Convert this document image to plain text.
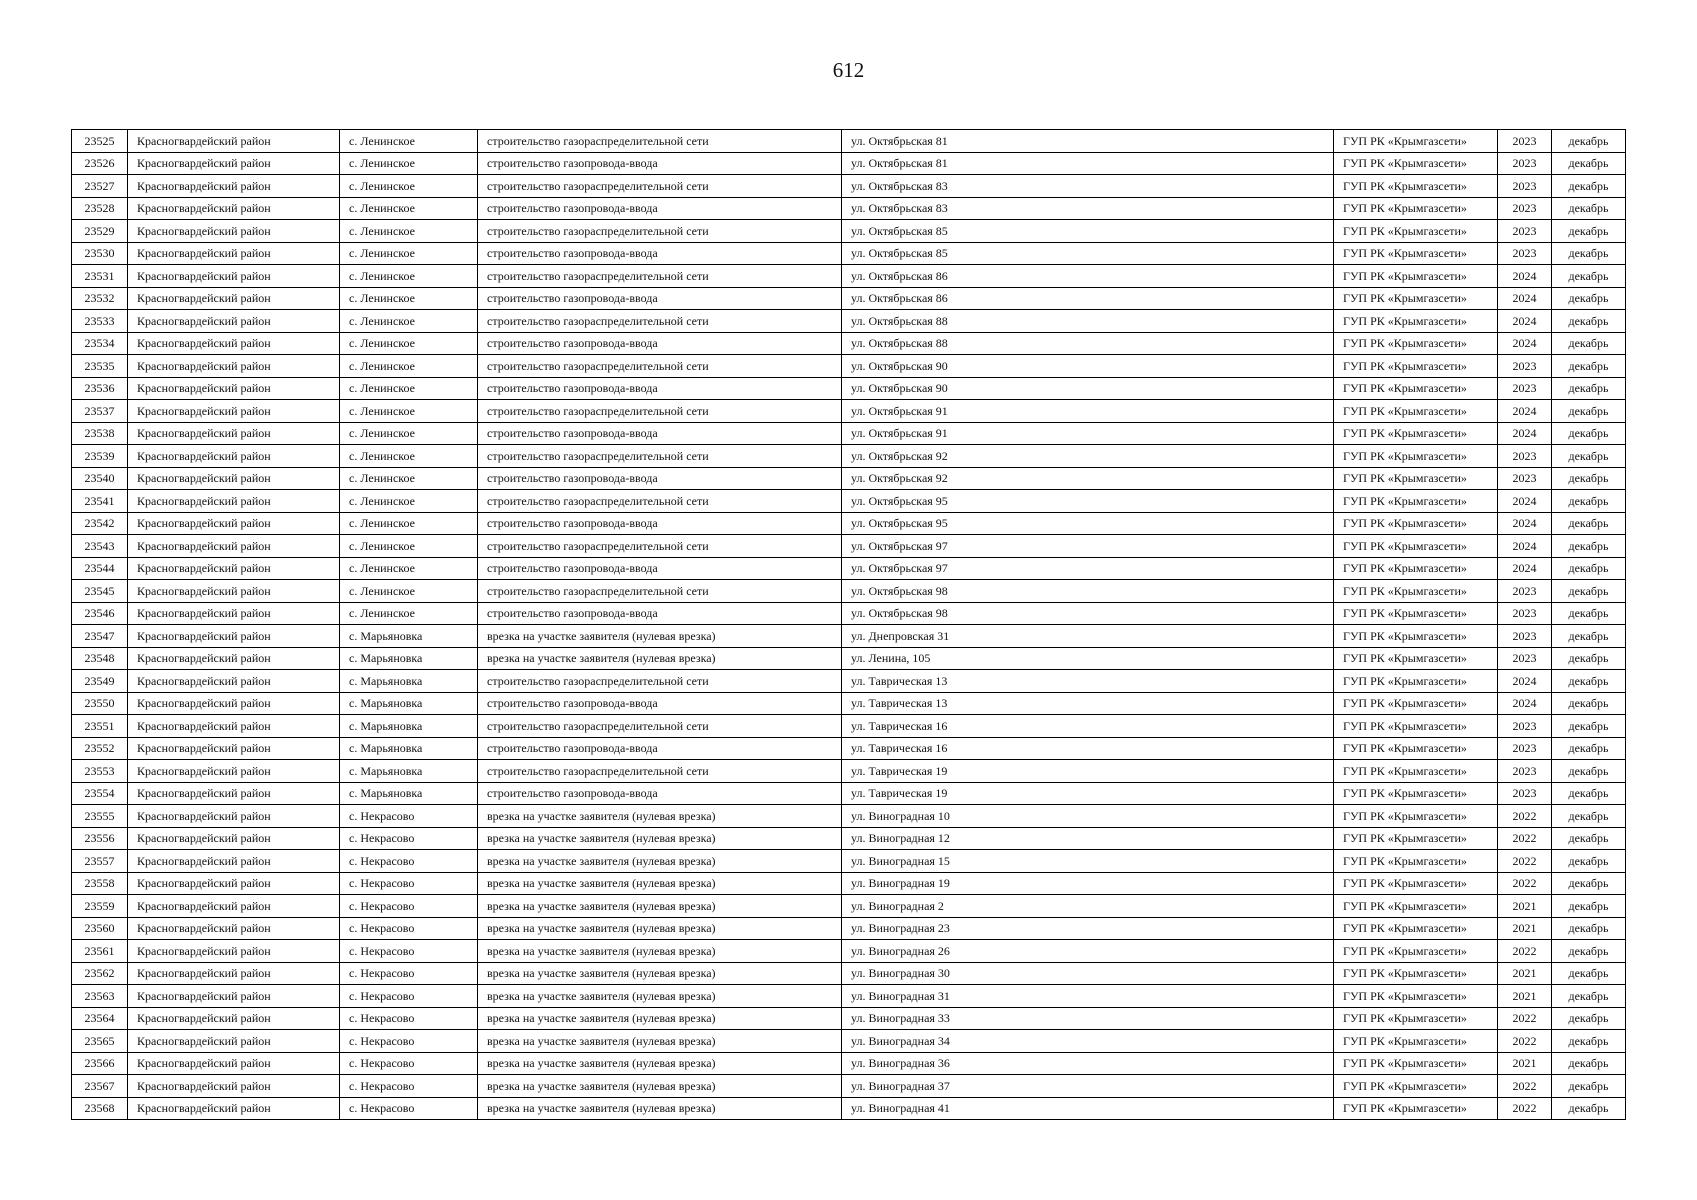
612
23525	Красногвардейский район	с. Ленинское	строительство газораспределительной сети	ул. Октябрьская 81	ГУП РК «Крымгазсети»	2023	декабрь
23526	Красногвардейский район	с. Ленинское	строительство газопровода-ввода	ул. Октябрьская 81	ГУП РК «Крымгазсети»	2023	декабрь
23527	Красногвардейский район	с. Ленинское	строительство газораспределительной сети	ул. Октябрьская 83	ГУП РК «Крымгазсети»	2023	декабрь
23528	Красногвардейский район	с. Ленинское	строительство газопровода-ввода	ул. Октябрьская 83	ГУП РК «Крымгазсети»	2023	декабрь
23529	Красногвардейский район	с. Ленинское	строительство газораспределительной сети	ул. Октябрьская 85	ГУП РК «Крымгазсети»	2023	декабрь
23530	Красногвардейский район	с. Ленинское	строительство газопровода-ввода	ул. Октябрьская 85	ГУП РК «Крымгазсети»	2023	декабрь
23531	Красногвардейский район	с. Ленинское	строительство газораспределительной сети	ул. Октябрьская 86	ГУП РК «Крымгазсети»	2024	декабрь
23532	Красногвардейский район	с. Ленинское	строительство газопровода-ввода	ул. Октябрьская 86	ГУП РК «Крымгазсети»	2024	декабрь
23533	Красногвардейский район	с. Ленинское	строительство газораспределительной сети	ул. Октябрьская 88	ГУП РК «Крымгазсети»	2024	декабрь
23534	Красногвардейский район	с. Ленинское	строительство газопровода-ввода	ул. Октябрьская 88	ГУП РК «Крымгазсети»	2024	декабрь
23535	Красногвардейский район	с. Ленинское	строительство газораспределительной сети	ул. Октябрьская 90	ГУП РК «Крымгазсети»	2023	декабрь
23536	Красногвардейский район	с. Ленинское	строительство газопровода-ввода	ул. Октябрьская 90	ГУП РК «Крымгазсети»	2023	декабрь
23537	Красногвардейский район	с. Ленинское	строительство газораспределительной сети	ул. Октябрьская 91	ГУП РК «Крымгазсети»	2024	декабрь
23538	Красногвардейский район	с. Ленинское	строительство газопровода-ввода	ул. Октябрьская 91	ГУП РК «Крымгазсети»	2024	декабрь
23539	Красногвардейский район	с. Ленинское	строительство газораспределительной сети	ул. Октябрьская 92	ГУП РК «Крымгазсети»	2023	декабрь
23540	Красногвардейский район	с. Ленинское	строительство газопровода-ввода	ул. Октябрьская 92	ГУП РК «Крымгазсети»	2023	декабрь
23541	Красногвардейский район	с. Ленинское	строительство газораспределительной сети	ул. Октябрьская 95	ГУП РК «Крымгазсети»	2024	декабрь
23542	Красногвардейский район	с. Ленинское	строительство газопровода-ввода	ул. Октябрьская 95	ГУП РК «Крымгазсети»	2024	декабрь
23543	Красногвардейский район	с. Ленинское	строительство газораспределительной сети	ул. Октябрьская 97	ГУП РК «Крымгазсети»	2024	декабрь
23544	Красногвардейский район	с. Ленинское	строительство газопровода-ввода	ул. Октябрьская 97	ГУП РК «Крымгазсети»	2024	декабрь
23545	Красногвардейский район	с. Ленинское	строительство газораспределительной сети	ул. Октябрьская 98	ГУП РК «Крымгазсети»	2023	декабрь
23546	Красногвардейский район	с. Ленинское	строительство газопровода-ввода	ул. Октябрьская 98	ГУП РК «Крымгазсети»	2023	декабрь
23547	Красногвардейский район	с. Марьяновка	врезка на участке заявителя (нулевая врезка)	ул. Днепровская 31	ГУП РК «Крымгазсети»	2023	декабрь
23548	Красногвардейский район	с. Марьяновка	врезка на участке заявителя (нулевая врезка)	ул. Ленина, 105	ГУП РК «Крымгазсети»	2023	декабрь
23549	Красногвардейский район	с. Марьяновка	строительство газораспределительной сети	ул. Таврическая 13	ГУП РК «Крымгазсети»	2024	декабрь
23550	Красногвардейский район	с. Марьяновка	строительство газопровода-ввода	ул. Таврическая 13	ГУП РК «Крымгазсети»	2024	декабрь
23551	Красногвардейский район	с. Марьяновка	строительство газораспределительной сети	ул. Таврическая 16	ГУП РК «Крымгазсети»	2023	декабрь
23552	Красногвардейский район	с. Марьяновка	строительство газопровода-ввода	ул. Таврическая 16	ГУП РК «Крымгазсети»	2023	декабрь
23553	Красногвардейский район	с. Марьяновка	строительство газораспределительной сети	ул. Таврическая 19	ГУП РК «Крымгазсети»	2023	декабрь
23554	Красногвардейский район	с. Марьяновка	строительство газопровода-ввода	ул. Таврическая 19	ГУП РК «Крымгазсети»	2023	декабрь
23555	Красногвардейский район	с. Некрасово	врезка на участке заявителя (нулевая врезка)	ул. Виноградная 10	ГУП РК «Крымгазсети»	2022	декабрь
23556	Красногвардейский район	с. Некрасово	врезка на участке заявителя (нулевая врезка)	ул. Виноградная 12	ГУП РК «Крымгазсети»	2022	декабрь
23557	Красногвардейский район	с. Некрасово	врезка на участке заявителя (нулевая врезка)	ул. Виноградная 15	ГУП РК «Крымгазсети»	2022	декабрь
23558	Красногвардейский район	с. Некрасово	врезка на участке заявителя (нулевая врезка)	ул. Виноградная 19	ГУП РК «Крымгазсети»	2022	декабрь
23559	Красногвардейский район	с. Некрасово	врезка на участке заявителя (нулевая врезка)	ул. Виноградная 2	ГУП РК «Крымгазсети»	2021	декабрь
23560	Красногвардейский район	с. Некрасово	врезка на участке заявителя (нулевая врезка)	ул. Виноградная 23	ГУП РК «Крымгазсети»	2021	декабрь
23561	Красногвардейский район	с. Некрасово	врезка на участке заявителя (нулевая врезка)	ул. Виноградная 26	ГУП РК «Крымгазсети»	2022	декабрь
23562	Красногвардейский район	с. Некрасово	врезка на участке заявителя (нулевая врезка)	ул. Виноградная 30	ГУП РК «Крымгазсети»	2021	декабрь
23563	Красногвардейский район	с. Некрасово	врезка на участке заявителя (нулевая врезка)	ул. Виноградная 31	ГУП РК «Крымгазсети»	2021	декабрь
23564	Красногвардейский район	с. Некрасово	врезка на участке заявителя (нулевая врезка)	ул. Виноградная 33	ГУП РК «Крымгазсети»	2022	декабрь
23565	Красногвардейский район	с. Некрасово	врезка на участке заявителя (нулевая врезка)	ул. Виноградная 34	ГУП РК «Крымгазсети»	2022	декабрь
23566	Красногвардейский район	с. Некрасово	врезка на участке заявителя (нулевая врезка)	ул. Виноградная 36	ГУП РК «Крымгазсети»	2021	декабрь
23567	Красногвардейский район	с. Некрасово	врезка на участке заявителя (нулевая врезка)	ул. Виноградная 37	ГУП РК «Крымгазсети»	2022	декабрь
23568	Красногвардейский район	с. Некрасово	врезка на участке заявителя (нулевая врезка)	ул. Виноградная 41	ГУП РК «Крымгазсети»	2022	декабрь
